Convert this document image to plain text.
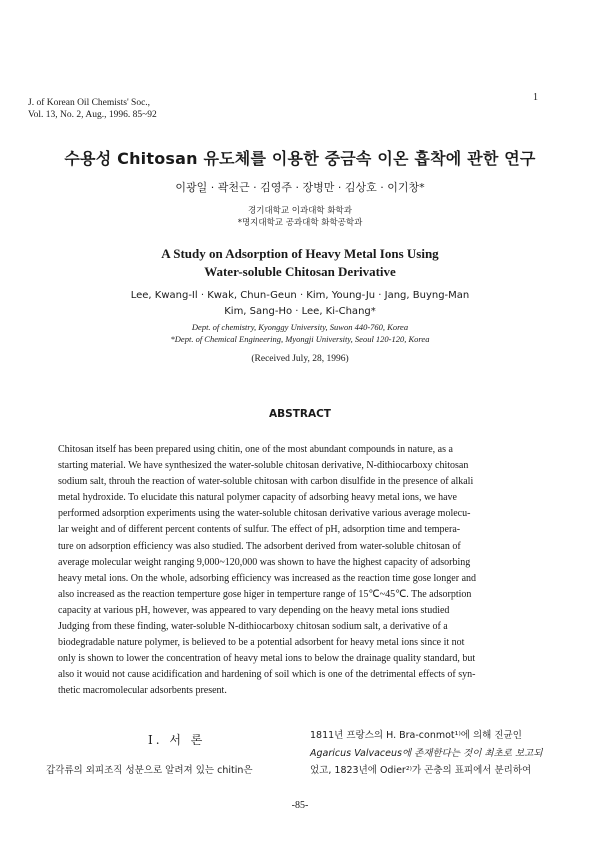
J. of Korean Oil Chemists' Soc.,
Vol. 13, No. 2, Aug., 1996. 85~92
1
수용성 Chitosan 유도체를 이용한 중금속 이온 흡착에 관한 연구
이광일 · 곽천근 · 김영주 · 장병만 · 김상호 · 이기창*
경기대학교 이과대학 화학과
*명지대학교 공과대학 화학공학과
A Study on Adsorption of Heavy Metal Ions Using
Water-soluble Chitosan Derivative
Lee, Kwang-Il · Kwak, Chun-Geun · Kim, Young-Ju · Jang, Buyng-Man
Kim, Sang-Ho · Lee, Ki-Chang*
Dept. of chemistry, Kyonggy University, Suwon 440-760, Korea
*Dept. of Chemical Engineering, Myongji University, Seoul 120-120, Korea
(Received July, 28, 1996)
ABSTRACT
Chitosan itself has been prepared using chitin, one of the most abundant compounds in nature, as a
starting material. We have synthesized the water-soluble chitosan derivative, N-dithiocarboxy chitosan
sodium salt, throuh the reaction of water-soluble chitosan with carbon disulfide in the presence of alkali
metal hydroxide. To elucidate this natural polymer capacity of adsorbing heavy metal ions, we have
performed adsorption experiments using the water-soluble chitosan derivative various average molecu-
lar weight and of different percent contents of sulfur. The effect of pH, adsorption time and tempera-
ture on adsorption efficiency was also studied. The adsorbent derived from water-soluble chitosan of
average molecular weight ranging 9,000~120,000 was shown to have the highest capacity of adsorbing
heavy metal ions. On the whole, adsorbing efficiency was increased as the reaction time gose longer and
also increased as the reaction temperture gose higer in temperture range of 15℃~45℃. The adsorption
capacity at various pH, however, was appeared to vary depending on the heavy metal ions studied
Judging from these finding, water-soluble N-dithiocarboxy chitosan sodium salt, a derivative of a
biodegradable nature polymer, is believed to be a potential adsorbent for heavy metal ions since it not
only is shown to lower the concentration of heavy metal ions to below the drainage quality standard, but
also it wouid not cause acidification and hardening of soil which is one of the detrimental effects of syn-
thetic macromolecular adsorbents present.
I. 서 론
갑각류의 외피조직 성분으로 알려져 있는 chitin은
1811년 프랑스의 H. Bra-conmot¹⁾에 의해 진균인
Agaricus Valvaceus에 존재한다는 것이 최초로 보고되
었고, 1823년에 Odier²⁾가 곤충의 표피에서 분리하여
-85-
